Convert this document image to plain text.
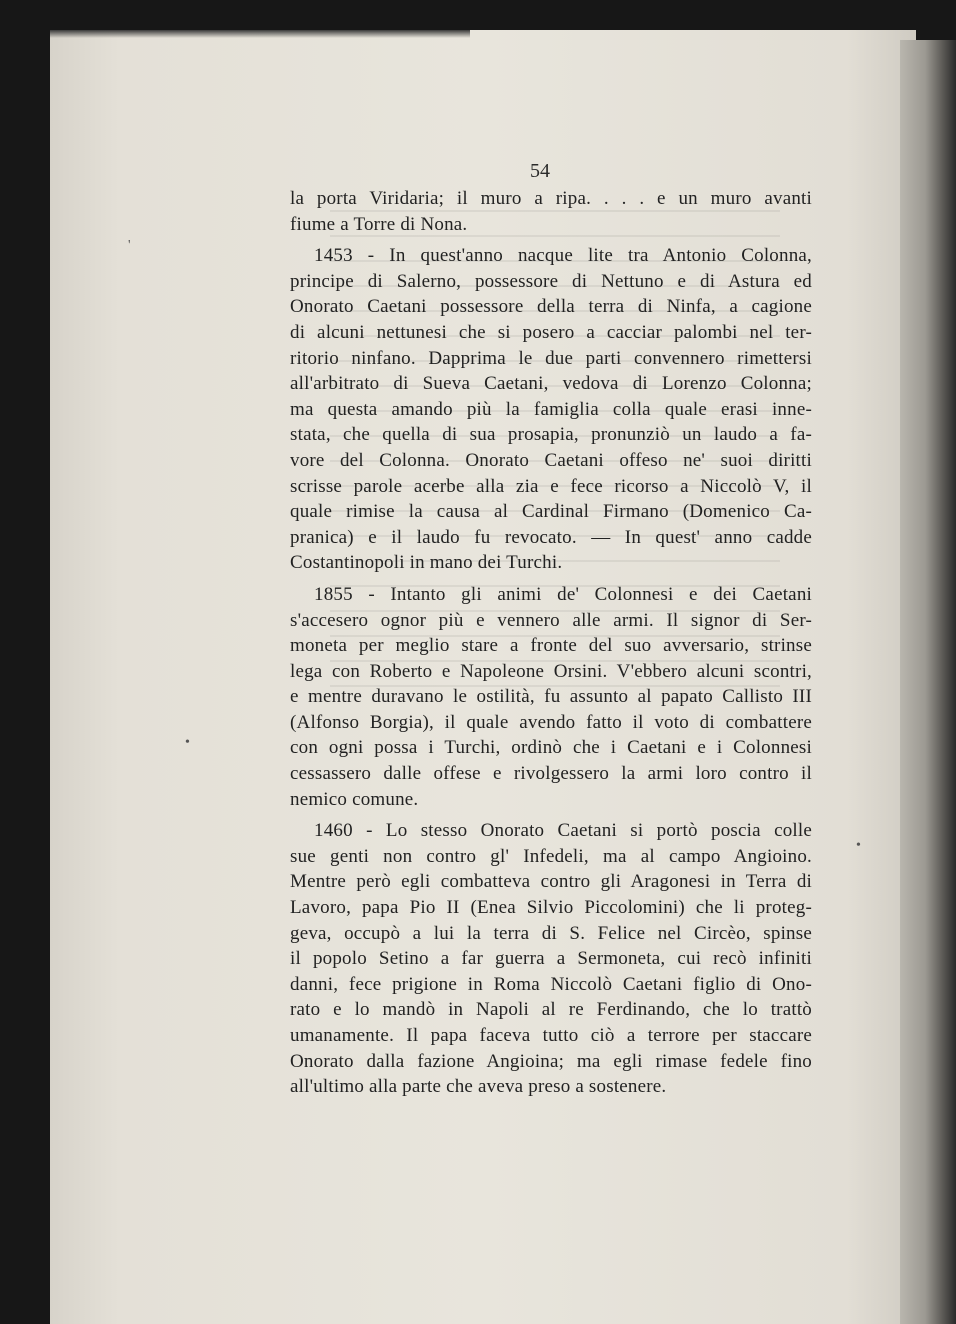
'
•
•
54
la porta Viridaria; il muro a ripa. . . . e un muro avanti
fiume a Torre di Nona.
1453 - In quest'anno nacque lite tra Antonio Colonna,
principe di Salerno, possessore di Nettuno e di Astura ed
Onorato Caetani possessore della terra di Ninfa, a cagione
di alcuni nettunesi che si posero a cacciar palombi nel ter-
ritorio ninfano. Dapprima le due parti convennero rimettersi
all'arbitrato di Sueva Caetani, vedova di Lorenzo Colonna;
ma questa amando più la famiglia colla quale erasi inne-
stata, che quella di sua prosapia, pronunziò un laudo a fa-
vore del Colonna. Onorato Caetani offeso ne' suoi diritti
scrisse parole acerbe alla zia e fece ricorso a Niccolò V, il
quale rimise la causa al Cardinal Firmano (Domenico Ca-
pranica) e il laudo fu revocato. — In quest' anno cadde
Costantinopoli in mano dei Turchi.
1855 - Intanto gli animi de' Colonnesi e dei Caetani
s'accesero ognor più e vennero alle armi. Il signor di Ser-
moneta per meglio stare a fronte del suo avversario, strinse
lega con Roberto e Napoleone Orsini. V'ebbero alcuni scontri,
e mentre duravano le ostilità, fu assunto al papato Callisto III
(Alfonso Borgia), il quale avendo fatto il voto di combattere
con ogni possa i Turchi, ordinò che i Caetani e i Colonnesi
cessassero dalle offese e rivolgessero la armi loro contro il
nemico comune.
1460 - Lo stesso Onorato Caetani si portò poscia colle
sue genti non contro gl' Infedeli, ma al campo Angioino.
Mentre però egli combatteva contro gli Aragonesi in Terra di
Lavoro, papa Pio II (Enea Silvio Piccolomini) che li proteg-
geva, occupò a lui la terra di S. Felice nel Circèo, spinse
il popolo Setino a far guerra a Sermoneta, cui recò infiniti
danni, fece prigione in Roma Niccolò Caetani figlio di Ono-
rato e lo mandò in Napoli al re Ferdinando, che lo trattò
umanamente. Il papa faceva tutto ciò a terrore per staccare
Onorato dalla fazione Angioina; ma egli rimase fedele fino
all'ultimo alla parte che aveva preso a sostenere.
